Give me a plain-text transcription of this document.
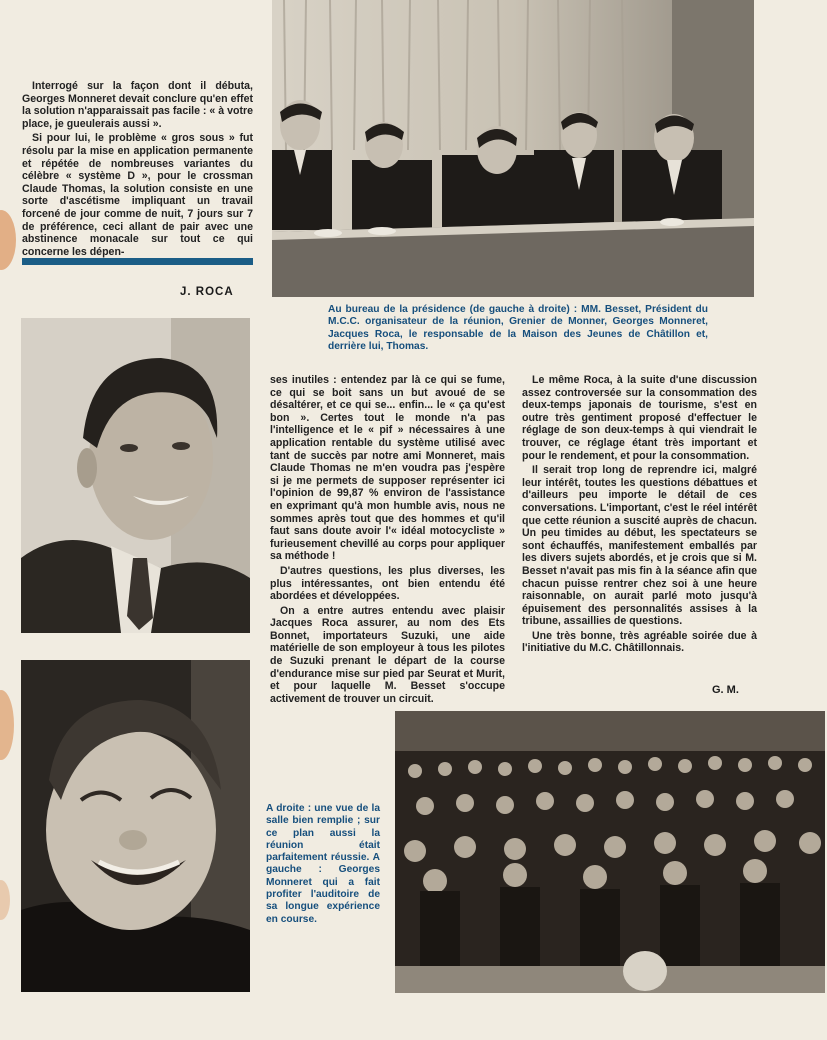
Interrogé sur la façon dont il débuta, Georges Monneret devait conclure qu'en effet la solution n'apparaissait pas facile : « à votre place, je gueulerais aussi ».

Si pour lui, le problème « gros sous » fut résolu par la mise en application permanente et répétée de nombreuses variantes du célèbre « système D », pour le crossman Claude Thomas, la solution consiste en une sorte d'ascétisme impliquant un travail forcené de jour comme de nuit, 7 jours sur 7 de préférence, ceci allant de pair avec une abstinence monacale sur tout ce qui concerne les dépen-

J. ROCA
Au bureau de la présidence (de gauche à droite) : MM. Besset, Président du M.C.C. organisateur de la réunion, Grenier de Monner, Georges Monneret, Jacques Roca, le responsable de la Maison des Jeunes de Châtillon et, derrière lui, Thomas.

ses inutiles : entendez par là ce qui se fume, ce qui se boit sans un but avoué de se désaltérer, et ce qui se... enfin... le « ça qu'est bon ». Certes tout le monde n'a pas l'intelligence et le « pif » nécessaires à une application rentable du système utilisé avec tant de succès par notre ami Monneret, mais Claude Thomas ne m'en voudra pas j'espère si je me permets de supposer représenter ici l'opinion de 99,87 % environ de l'assistance en exprimant qu'à mon humble avis, nous ne sommes après tout que des hommes et qu'il faut sans doute avoir l'« idéal motocycliste » furieusement chevillé au corps pour appliquer sa méthode !

D'autres questions, les plus diverses, les plus intéressantes, ont bien entendu été abordées et développées.

On a entre autres entendu avec plaisir Jacques Roca assurer, au nom des Ets Bonnet, importateurs Suzuki, une aide matérielle de son employeur à tous les pilotes de Suzuki prenant le départ de la course d'endurance mise sur pied par Seurat et Murit, et pour laquelle M. Besset s'occupe activement de trouver un circuit.

Le même Roca, à la suite d'une discussion assez controversée sur la consommation des deux-temps japonais de tourisme, s'est en outre très gentiment proposé d'effectuer le réglage de son deux-temps à qui viendrait le trouver, ce réglage étant très important et pour le rendement, et pour la consommation.

Il serait trop long de reprendre ici, malgré leur intérêt, toutes les questions débattues et d'ailleurs peu importe le détail de ces conversations. L'important, c'est le réel intérêt que cette réunion a suscité auprès de chacun. Un peu timides au début, les spectateurs se sont échauffés, manifestement emballés par les divers sujets abordés, et je crois que si M. Besset n'avait pas mis fin à la séance afin que chacun puisse rentrer chez soi à une heure raisonnable, on aurait parlé moto jusqu'à épuisement des personnalités assises à la tribune, assaillies de questions.

Une très bonne, très agréable soirée due à l'initiative du M.C. Châtillonnais.

G. M.
A droite : une vue de la salle bien remplie ; sur ce plan aussi la réunion était parfaitement réussie. A gauche : Georges Monneret qui a fait profiter l'auditoire de sa longue expérience en course.
